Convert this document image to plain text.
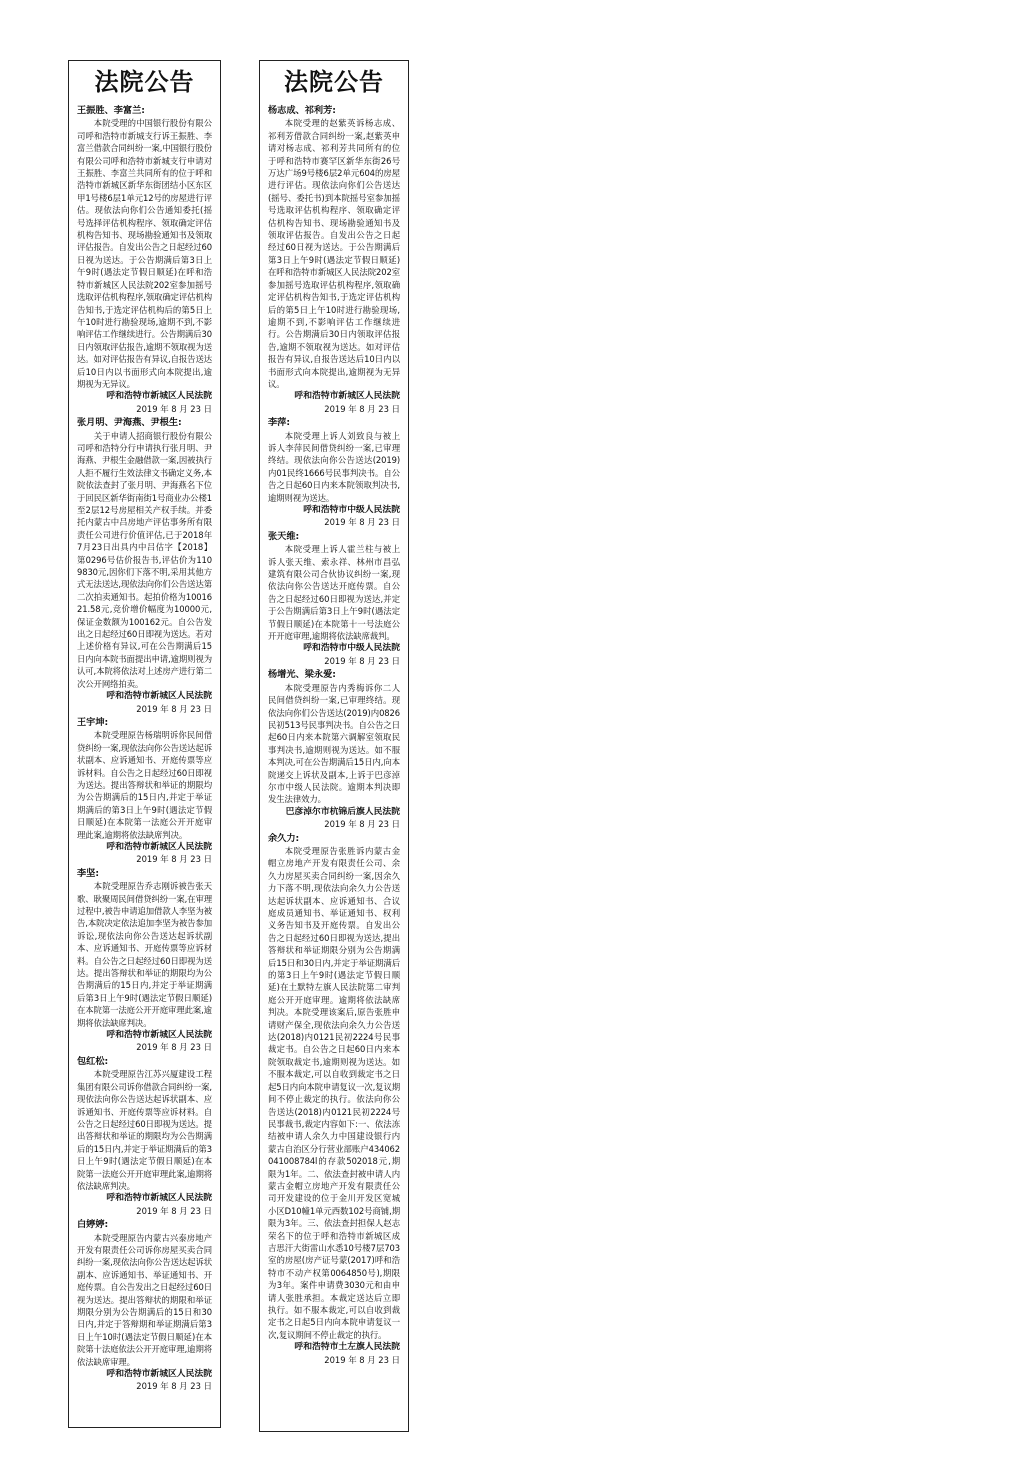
法院公告
王振胜、李富兰:
本院受理的中国银行股份有限公司呼和浩特市新城支行诉王振胜、李富兰借款合同纠纷一案,中国银行股份有限公司呼和浩特市新城支行申请对王振胜、李富兰共同所有的位于呼和浩特市新城区新华东街团结小区东区甲1号楼6层1单元12号的房屋进行评估。现依法向你们公告通知委托(摇号选择评估机构程序、领取确定评估机构告知书、现场勘验通知书及领取评估报告。自发出公告之日起经过60日视为送达。于公告期满后第3日上午9时(遇法定节假日顺延)在呼和浩特市新城区人民法院202室参加摇号选取评估机构程序,领取确定评估机构告知书,于选定评估机构后的第5日上午10时进行勘验现场,逾期不到,不影响评估工作继续进行。公告期满后30日内领取评估报告,逾期不领取视为送达。如对评估报告有异议,自报告送达后10日内以书面形式向本院提出,逾期视为无异议。
呼和浩特市新城区人民法院
2019 年 8 月 23 日
张月明、尹海燕、尹根生:
关于申请人招商银行股份有限公司呼和浩特分行申请执行张月明、尹海燕、尹根生金融借款一案,因被执行人拒不履行生效法律文书确定义务,本院依法查封了张月明、尹海燕名下位于回民区新华街南街1号商业办公楼1至2层12号房屋相关产权手续。并委托内蒙古中吕房地产评估事务所有限责任公司进行价值评估,已于2018年7月23日出具内中吕估字【2018】第0296号估价报告书,评估价为1109830元,因你们下落不明,采用其他方式无法送达,现依法向你们公告送达第二次拍卖通知书。起拍价格为1001621.58元,竞价增价幅度为10000元,保证金数额为100162元。自公告发出之日起经过60日即视为送达。若对上述价格有异议,可在公告期满后15日内向本院书面提出申请,逾期则视为认可,本院将依法对上述房产进行第二次公开网络拍卖。
呼和浩特市新城区人民法院
2019 年 8 月 23 日
王宇坤:
本院受理原告杨瑞明诉你民间借贷纠纷一案,现依法向你公告送达起诉状副本、应诉通知书、开庭传票等应诉材料。自公告之日起经过60日即视为送达。提出答辩状和举证的期限均为公告期满后的15日内,并定于举证期满后的第3日上午9时(遇法定节假日顺延)在本院第一法庭公开开庭审理此案,逾期将依法缺席判决。
呼和浩特市新城区人民法院
2019 年 8 月 23 日
李坚:
本院受理原告乔志刚诉被告张天歌、耿聚周民间借贷纠纷一案,在审理过程中,被告申请追加借款人李坚为被告,本院决定依法追加李坚为被告参加诉讼,现依法向你公告送达起诉状副本、应诉通知书、开庭传票等应诉材料。自公告之日起经过60日即视为送达。提出答辩状和举证的期限均为公告期满后的15日内,并定于举证期满后第3日上午9时(遇法定节假日顺延)在本院第一法庭公开开庭审理此案,逾期将依法缺席判决。
呼和浩特市新城区人民法院
2019 年 8 月 23 日
包红松:
本院受理原告江苏兴厦建设工程集团有限公司诉你借款合同纠纷一案,现依法向你公告送达起诉状副本、应诉通知书、开庭传票等应诉材料。自公告之日起经过60日即视为送达。提出答辩状和举证的期限均为公告期满后的15日内,并定于举证期满后的第3日上午9时(遇法定节假日顺延)在本院第一法庭公开开庭审理此案,逾期将依法缺席判决。
呼和浩特市新城区人民法院
2019 年 8 月 23 日
白婷婷:
本院受理原告内蒙古兴泰房地产开发有限责任公司诉你房屋买卖合同纠纷一案,现依法向你公告送达起诉状副本、应诉通知书、举证通知书、开庭传票。自公告发出之日起经过60日视为送达。提出答辩状的期限和举证期限分别为公告期满后的15日和30日内,并定于答辩期和举证期满后第3日上午10时(遇法定节假日顺延)在本院第十法庭依法公开开庭审理,逾期将依法缺席审理。
呼和浩特市新城区人民法院
2019 年 8 月 23 日
法院公告
杨志成、祁利芳:
本院受理的赵紫英诉杨志成、祁利芳借款合同纠纷一案,赵紫英申请对杨志成、祁利芳共同所有的位于呼和浩特市赛罕区新华东街26号万达广场9号楼6层2单元604的房屋进行评估。现依法向你们公告送达(摇号、委托书)到本院摇号室参加摇号选取评估机构程序、领取确定评估机构告知书、现场勘验通知书及领取评估报告。自发出公告之日起经过60日视为送达。于公告期满后第3日上午9时(遇法定节假日顺延)在呼和浩特市新城区人民法院202室参加摇号选取评估机构程序,领取确定评估机构告知书,于选定评估机构后的第5日上午10时进行勘验现场,逾期不到,不影响评估工作继续进行。公告期满后30日内领取评估报告,逾期不领取视为送达。如对评估报告有异议,自报告送达后10日内以书面形式向本院提出,逾期视为无异议。
呼和浩特市新城区人民法院
2019 年 8 月 23 日
李萍:
本院受理上诉人刘致良与被上诉人李萍民间借贷纠纷一案,已审理终结。现依法向你公告送达(2019)内01民终1666号民事判决书。自公告之日起60日内来本院领取判决书,逾期则视为送达。
呼和浩特市中级人民法院
2019 年 8 月 23 日
张天维:
本院受理上诉人霍兰柱与被上诉人张天维、索永祥、林州市昌弘建筑有限公司合伙协议纠纷一案,现依法向你公告送达开庭传票。自公告之日起经过60日即视为送达,并定于公告期满后第3日上午9时(遇法定节假日顺延)在本院第十一号法庭公开开庭审理,逾期将依法缺席裁判。
呼和浩特市中级人民法院
2019 年 8 月 23 日
杨增光、梁永爱:
本院受理原告内秀梅诉你二人民间借贷纠纷一案,已审理终结。现依法向你们公告送达(2019)内0826民初513号民事判决书。自公告之日起60日内来本院第六调解室领取民事判决书,逾期则视为送达。如不服本判决,可在公告期满后15日内,向本院递交上诉状及副本,上诉于巴彦淖尔市中级人民法院。逾期本判决即发生法律效力。
巴彦淖尔市杭锦后旗人民法院
2019 年 8 月 23 日
余久力:
本院受理原告张胜诉内蒙古金帽立房地产开发有限责任公司、余久力房屋买卖合同纠纷一案,因余久力下落不明,现依法向余久力公告送达起诉状副本、应诉通知书、合议庭成员通知书、举证通知书、权利义务告知书及开庭传票。自发出公告之日起经过60日即视为送达,提出答辩状和举证期限分别为公告期满后15日和30日内,并定于举证期满后的第3日上午9时(遇法定节假日顺延)在土默特左旗人民法院第二审判庭公开开庭审理。逾期将依法缺席判决。本院受理该案后,原告张胜申请财产保全,现依法向余久力公告送达(2018)内0121民初2224号民事裁定书。自公告之日起60日内来本院领取裁定书,逾期则视为送达。如不服本裁定,可以自收到裁定书之日起5日内向本院申请复议一次,复议期间不停止裁定的执行。依法向你公告送达(2018)内0121民初2224号民事裁书,裁定内容如下:一、依法冻结被申请人余久力中国建设银行内蒙古自治区分行营业部账户434062041008784l的存款502018元,期限为1年。二、依法查封被申请人内蒙古金帽立房地产开发有限责任公司开发建设的位于金川开发区宽城小区D10幢1单元西数102号商铺,期限为3年。三、依法查封担保人赵志荣名下的位于呼和浩特市新城区成吉思汗大街雷山水悉10号楼7层703室的房屋(房产证号蒙(2017)呼和浩特市不动产权第0064850号),期限为3年。案件申请费3030元和由申请人张胜承担。本裁定送达后立即执行。如不服本裁定,可以自收到裁定书之日起5日内向本院申请复议一次,复议期间不停止裁定的执行。
呼和浩特市土左旗人民法院
2019 年 8 月 23 日
